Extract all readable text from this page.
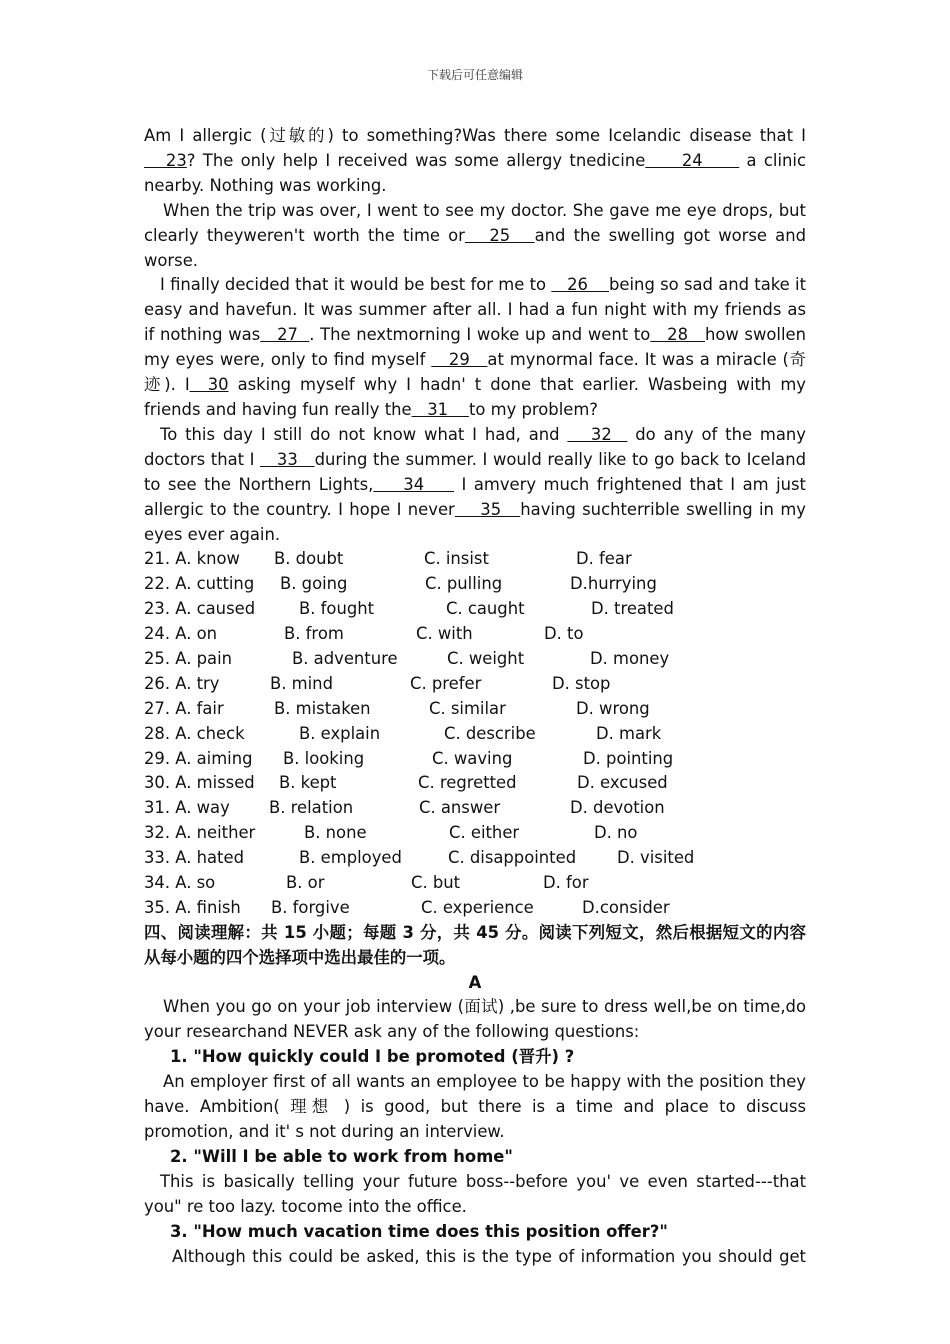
下载后可任意编辑

Am I allergic (过敏的) to something?Was there some Icelandic disease that I   23? The only help I received was some allergy tnedicine     24      a clinic nearby. Nothing was working.

When the trip was over, I went to see my doctor. She gave me eye drops, but clearly theyweren't worth the time or   25   and the swelling got worse and worse.

I finally decided that it would be best for me to    26    being so sad and take it easy and havefun. It was summer after all. I had a fun night with my friends as if nothing was   27  . The nextmorning I woke up and went to   28   how swollen my eyes were, only to find myself    29   at mynormal face. It was a miracle (奇迹). I  30 asking myself why I hadn' t done that earlier. Wasbeing with my friends and having fun really the   31    to my problem?

To this day I still do not know what I had, and    32   do any of the many doctors that I    33   during the summer. I would really like to go back to Iceland to see the Northern Lights,    34     I amvery much frightened that I am just allergic to the country. I hope I never    35   having suchterrible swelling in my eyes ever again.

21. A. know B. doubt	C. insist	D. fear
22. A. cutting B. going	C. pulling	D.hurrying
23. A. caused	B. fought	C. caught	D. treated
24. A. on	B. from	C. with	D. to
25. A. pain	B. adventure	C. weight	D. money
26. A. try	B. mind	C. prefer	D. stop
27. A. fair	B. mistaken	C. similar	D. wrong
28. A. check	B. explain	C. describe	D. mark
29. A. aiming B. looking	C. waving	D. pointing
30. A. missed B. kept	C. regretted	D. excused
31. A. way B. relation	C. answer	D. devotion
32. A. neither	B. none	C. either	D. no
33. A. hated	B. employed	C. disappointed D. visited
34. A. so	B. or	C. but	D. for
35. A. finish B. forgive	C. experience	D.consider

四、阅读理解：共 15 小题；每题 3 分，共 45 分。阅读下列短文，然后根据短文的内容从每小题的四个选择项中选出最佳的一项。

A

When you go on your job interview (面试) ,be sure to dress well,be on time,do your researchand NEVER ask any of the following questions:

1. "How quickly could I be promoted (晋升) ?

An employer first of all wants an employee to be happy with the position they have. Ambition( 理想 ) is good, but there is a time and place to discuss promotion, and it' s not during an interview.

2. "Will I be able to work from home"

This is basically telling your future boss--before you' ve even started---that you" re too lazy. tocome into the office.

3. "How much vacation time does this position offer?"

Although this could be asked, this is the type of information you should get
